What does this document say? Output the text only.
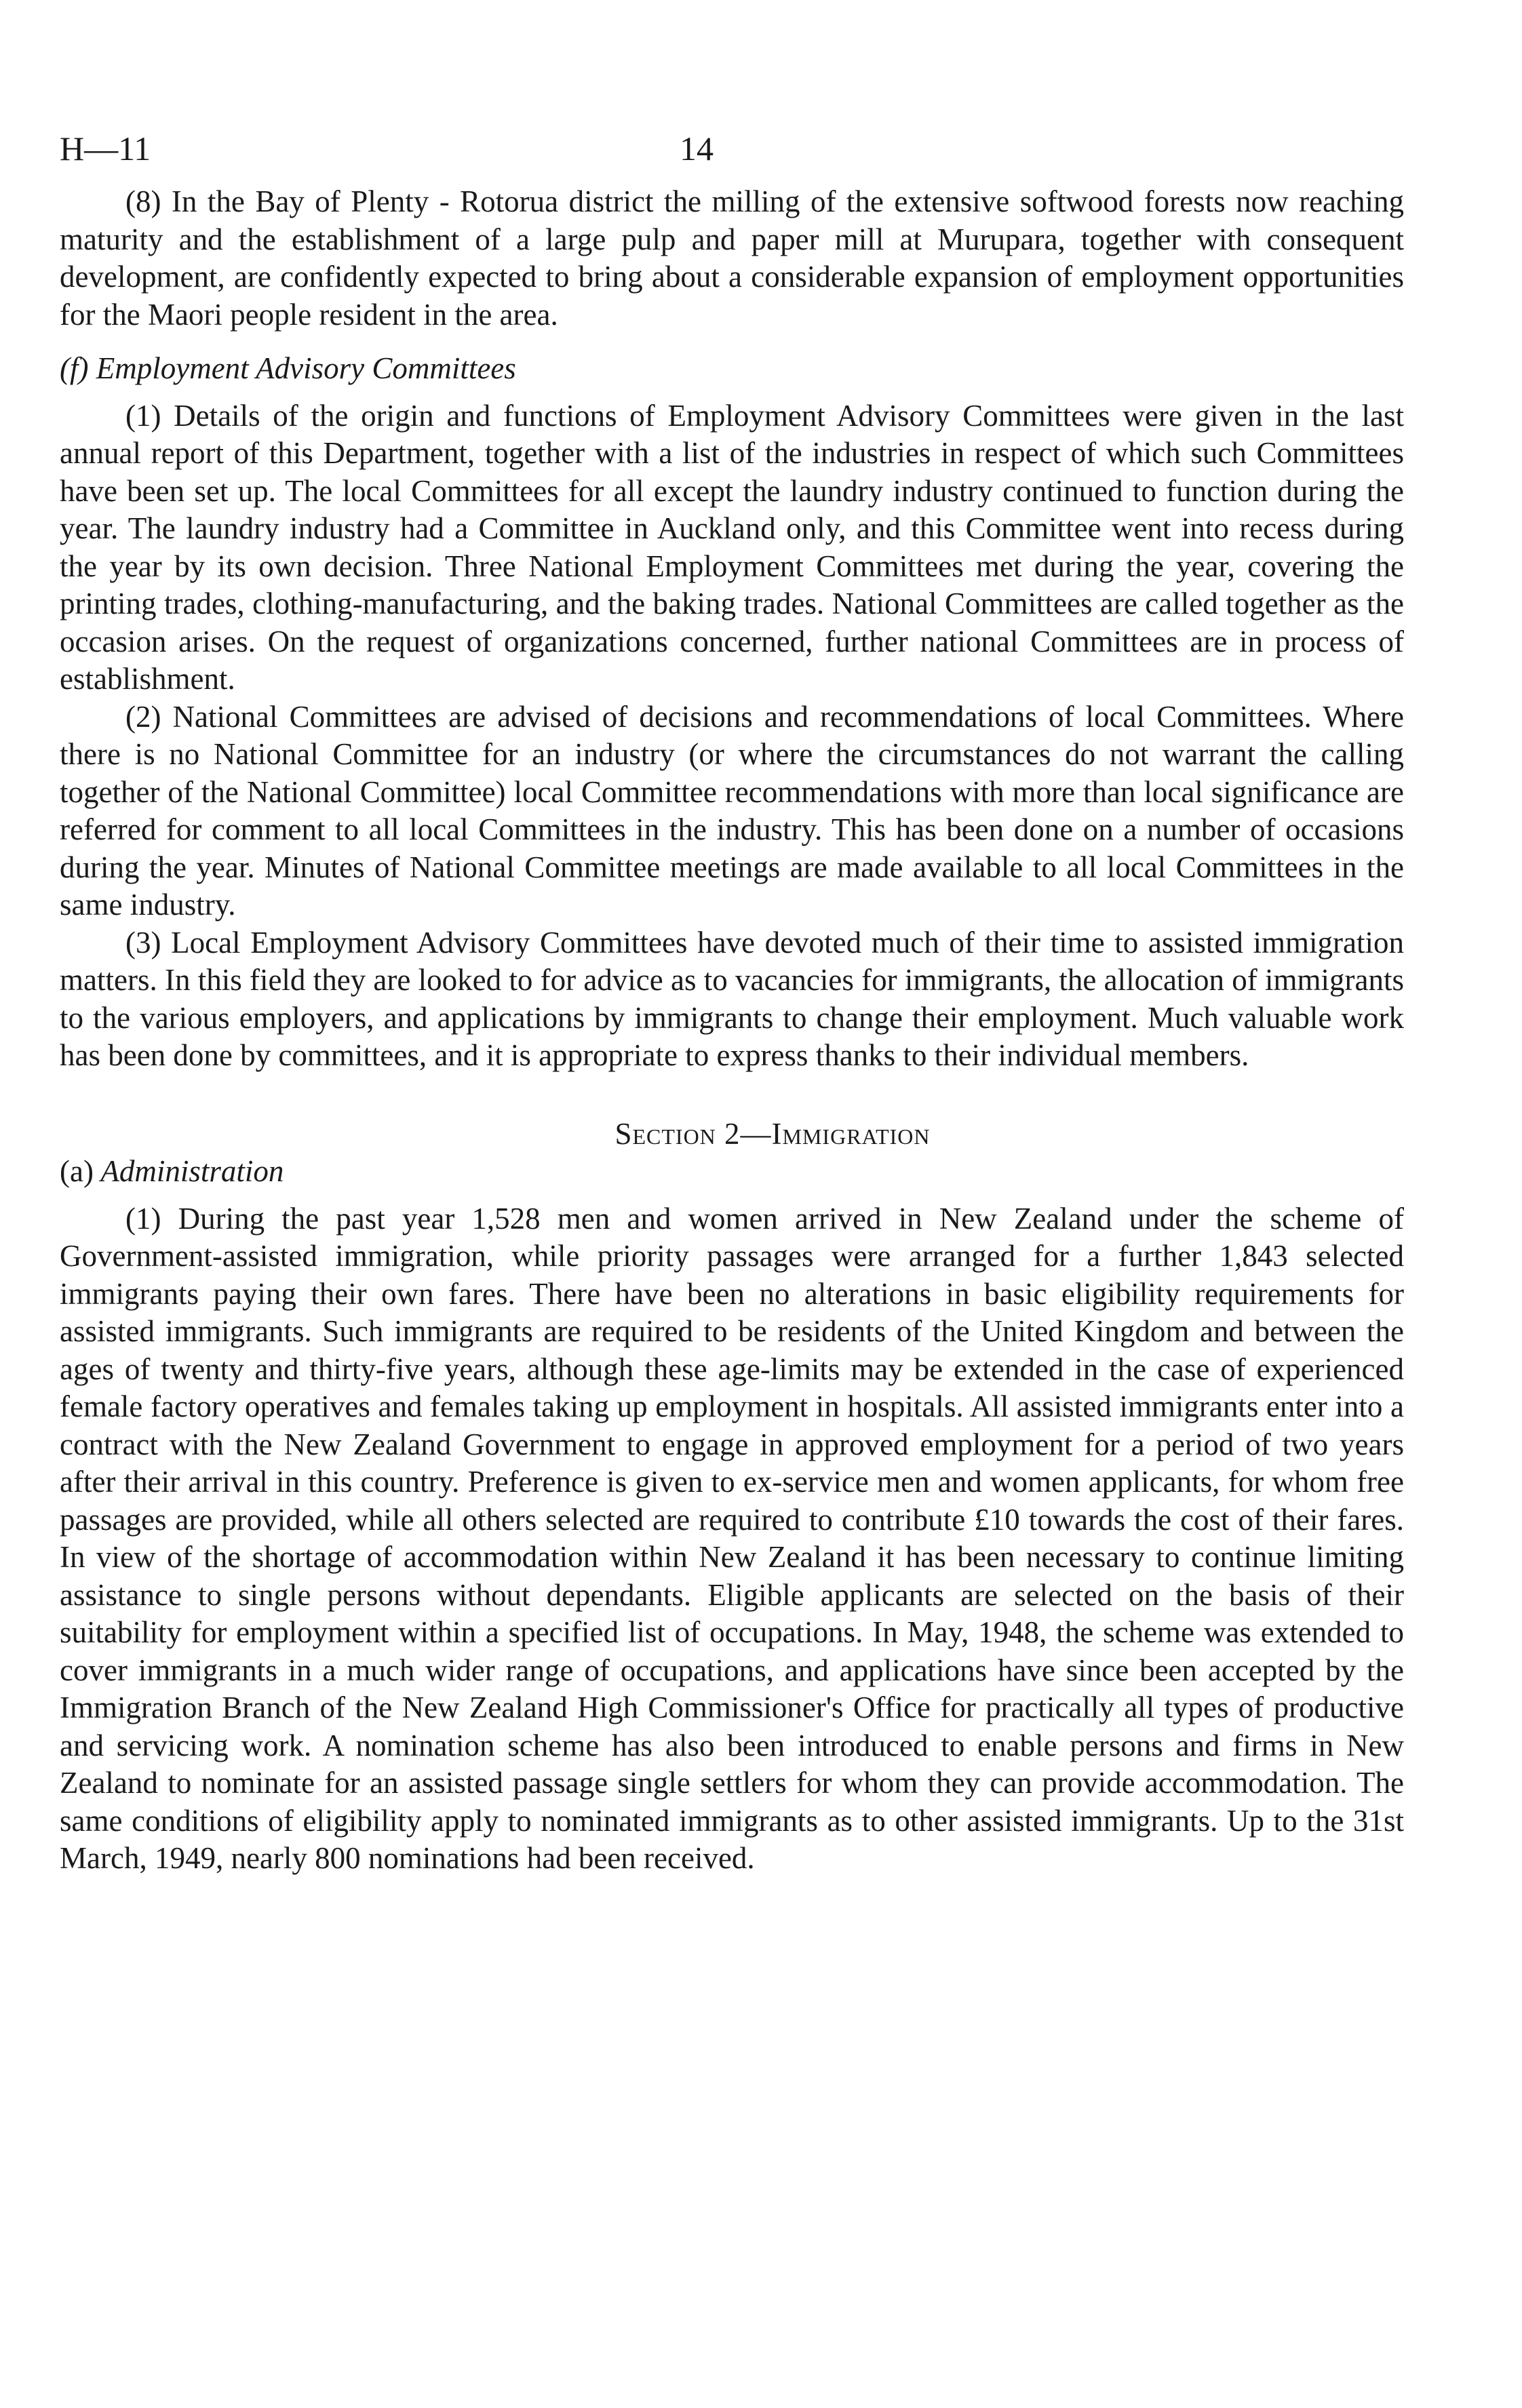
H—11	14

(8) In the Bay of Plenty - Rotorua district the milling of the extensive softwood forests now reaching maturity and the establishment of a large pulp and paper mill at Murupara, together with consequent development, are confidently expected to bring about a considerable expansion of employment opportunities for the Maori people resident in the area.

(f) Employment Advisory Committees

(1) Details of the origin and functions of Employment Advisory Committees were given in the last annual report of this Department, together with a list of the industries in respect of which such Committees have been set up. The local Committees for all except the laundry industry continued to function during the year. The laundry industry had a Committee in Auckland only, and this Committee went into recess during the year by its own decision. Three National Employment Committees met during the year, covering the printing trades, clothing-manufacturing, and the baking trades. National Committees are called together as the occasion arises. On the request of organizations concerned, further national Committees are in process of establishment.

(2) National Committees are advised of decisions and recommendations of local Committees. Where there is no National Committee for an industry (or where the circumstances do not warrant the calling together of the National Committee) local Committee recommendations with more than local significance are referred for comment to all local Committees in the industry. This has been done on a number of occasions during the year. Minutes of National Committee meetings are made available to all local Committees in the same industry.

(3) Local Employment Advisory Committees have devoted much of their time to assisted immigration matters. In this field they are looked to for advice as to vacancies for immigrants, the allocation of immigrants to the various employers, and applications by immigrants to change their employment. Much valuable work has been done by committees, and it is appropriate to express thanks to their individual members.

Section 2—Immigration
(a) Administration

(1) During the past year 1,528 men and women arrived in New Zealand under the scheme of Government-assisted immigration, while priority passages were arranged for a further 1,843 selected immigrants paying their own fares. There have been no alterations in basic eligibility requirements for assisted immigrants. Such immigrants are required to be residents of the United Kingdom and between the ages of twenty and thirty-five years, although these age-limits may be extended in the case of experienced female factory operatives and females taking up employment in hospitals. All assisted immigrants enter into a contract with the New Zealand Government to engage in approved employment for a period of two years after their arrival in this country. Preference is given to ex-service men and women applicants, for whom free passages are provided, while all others selected are required to contribute £10 towards the cost of their fares. In view of the shortage of accommodation within New Zealand it has been necessary to continue limiting assistance to single persons without dependants. Eligible applicants are selected on the basis of their suitability for employment within a specified list of occupations. In May, 1948, the scheme was extended to cover immigrants in a much wider range of occupations, and applications have since been accepted by the Immigration Branch of the New Zealand High Commissioner's Office for practically all types of productive and servicing work. A nomination scheme has also been introduced to enable persons and firms in New Zealand to nominate for an assisted passage single settlers for whom they can provide accommodation. The same conditions of eligibility apply to nominated immigrants as to other assisted immigrants. Up to the 31st March, 1949, nearly 800 nominations had been received.
